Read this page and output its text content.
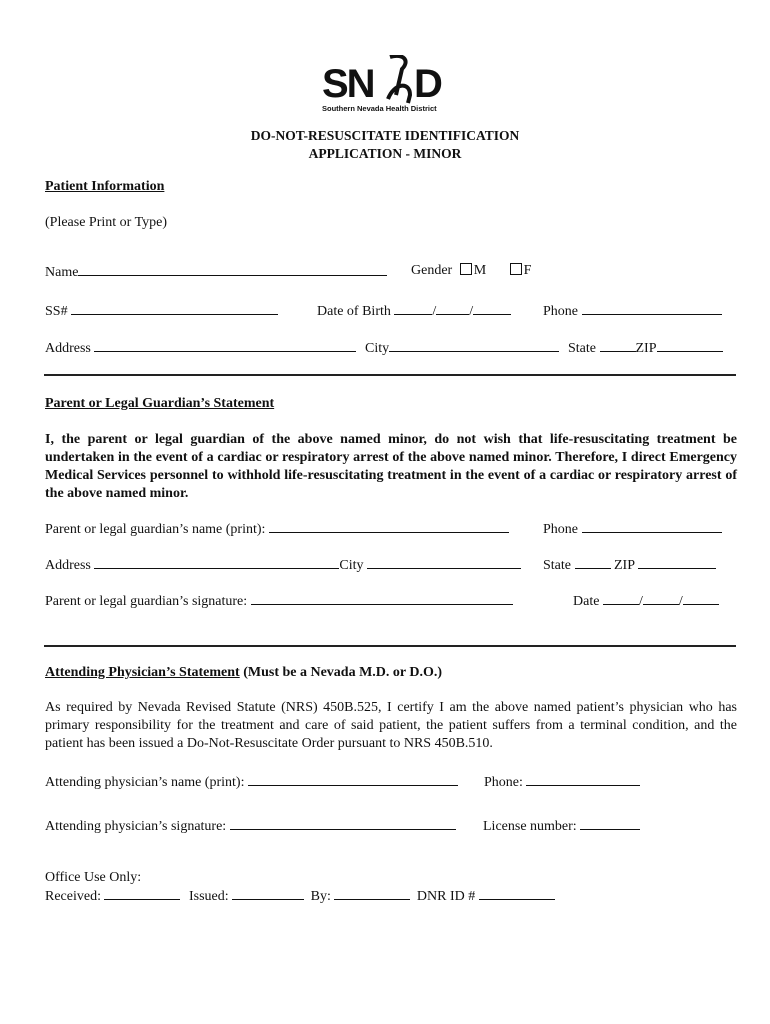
SN D
Southern Nevada Health District
DO-NOT-RESUSCITATE IDENTIFICATION
APPLICATION - MINOR
Patient Information
(Please Print or Type)
Name	Gender M	F
SS#	Date of Birth	/ /	Phone
Address	City	State	ZIP
Parent or Legal Guardian’s Statement
I, the parent or legal guardian of the above named minor, do not wish that life-resuscitating treatment be undertaken in the event of a cardiac or respiratory arrest of the above named minor. Therefore, I direct Emergency Medical Services personnel to withhold life-resuscitating treatment in the event of a cardiac or respiratory arrest of the above named minor.
Parent or legal guardian’s name (print):	Phone
Address	City	State	ZIP
Parent or legal guardian’s signature:	Date	/	/
Attending Physician’s Statement (Must be a Nevada M.D. or D.O.)
As required by Nevada Revised Statute (NRS) 450B.525, I certify I am the above named patient’s physician who has primary responsibility for the treatment and care of said patient, the patient suffers from a terminal condition, and the patient has been issued a Do-Not-Resuscitate Order pursuant to NRS 450B.510.
Attending physician’s name (print):	Phone:
Attending physician’s signature:	License number:
Office Use Only:
Received:	Issued:	By:	DNR ID #
